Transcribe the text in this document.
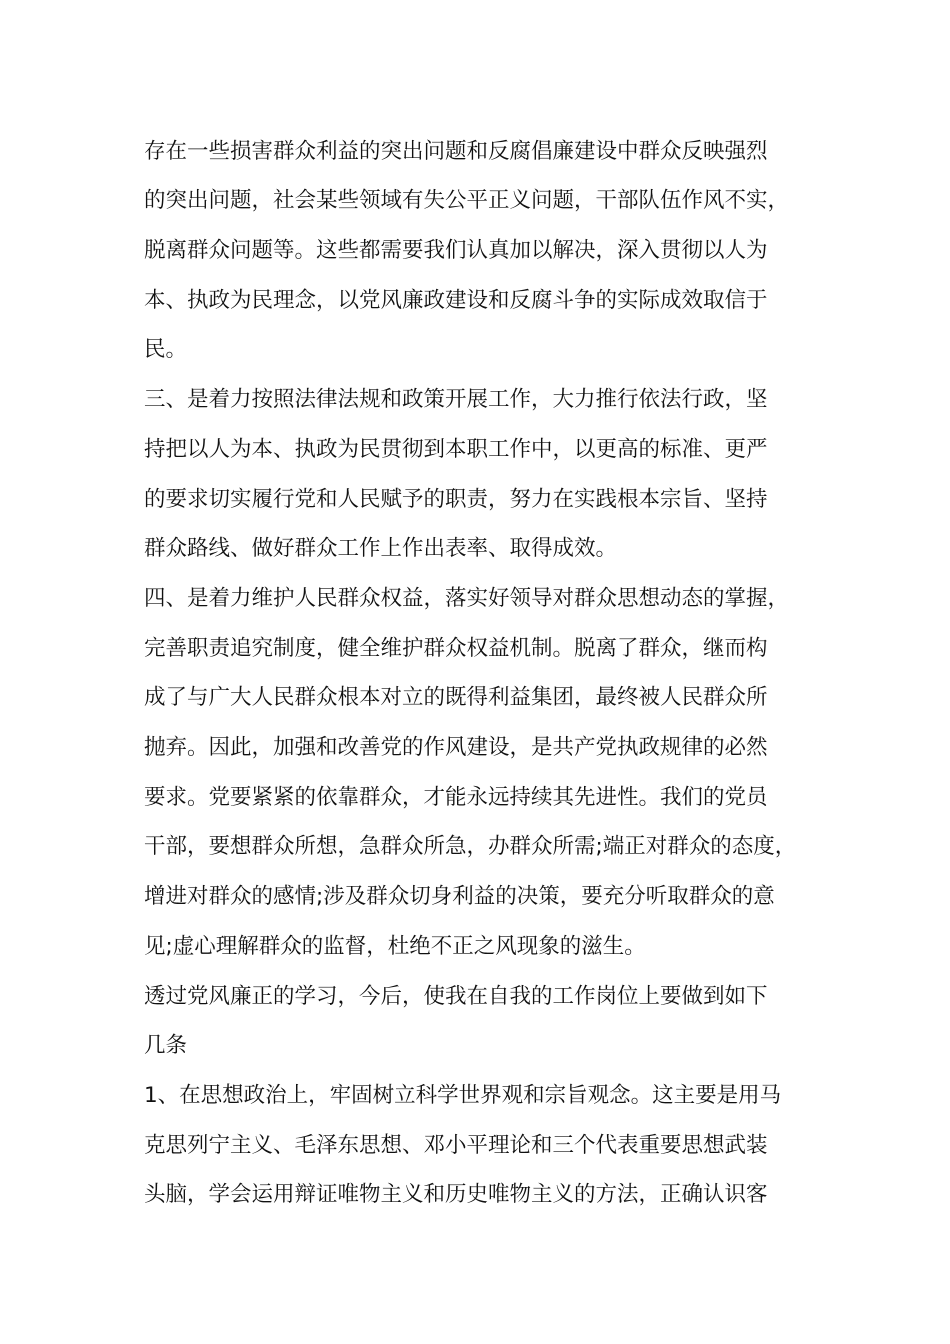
存在一些损害群众利益的突出问题和反腐倡廉建设中群众反映强烈
的突出问题，社会某些领域有失公平正义问题，干部队伍作风不实，
脱离群众问题等。这些都需要我们认真加以解决，深入贯彻以人为
本、执政为民理念，以党风廉政建设和反腐斗争的实际成效取信于
民。
三、是着力按照法律法规和政策开展工作，大力推行依法行政，坚
持把以人为本、执政为民贯彻到本职工作中，以更高的标准、更严
的要求切实履行党和人民赋予的职责，努力在实践根本宗旨、坚持
群众路线、做好群众工作上作出表率、取得成效。
四、是着力维护人民群众权益，落实好领导对群众思想动态的掌握，
完善职责追究制度，健全维护群众权益机制。脱离了群众，继而构
成了与广大人民群众根本对立的既得利益集团，最终被人民群众所
抛弃。因此，加强和改善党的作风建设，是共产党执政规律的必然
要求。党要紧紧的依靠群众，才能永远持续其先进性。我们的党员
干部，要想群众所想，急群众所急，办群众所需;端正对群众的态度，
增进对群众的感情;涉及群众切身利益的决策，要充分听取群众的意
见;虚心理解群众的监督，杜绝不正之风现象的滋生。
透过党风廉正的学习，今后，使我在自我的工作岗位上要做到如下
几条
1、在思想政治上，牢固树立科学世界观和宗旨观念。这主要是用马
克思列宁主义、毛泽东思想、邓小平理论和三个代表重要思想武装
头脑，学会运用辩证唯物主义和历史唯物主义的方法，正确认识客
